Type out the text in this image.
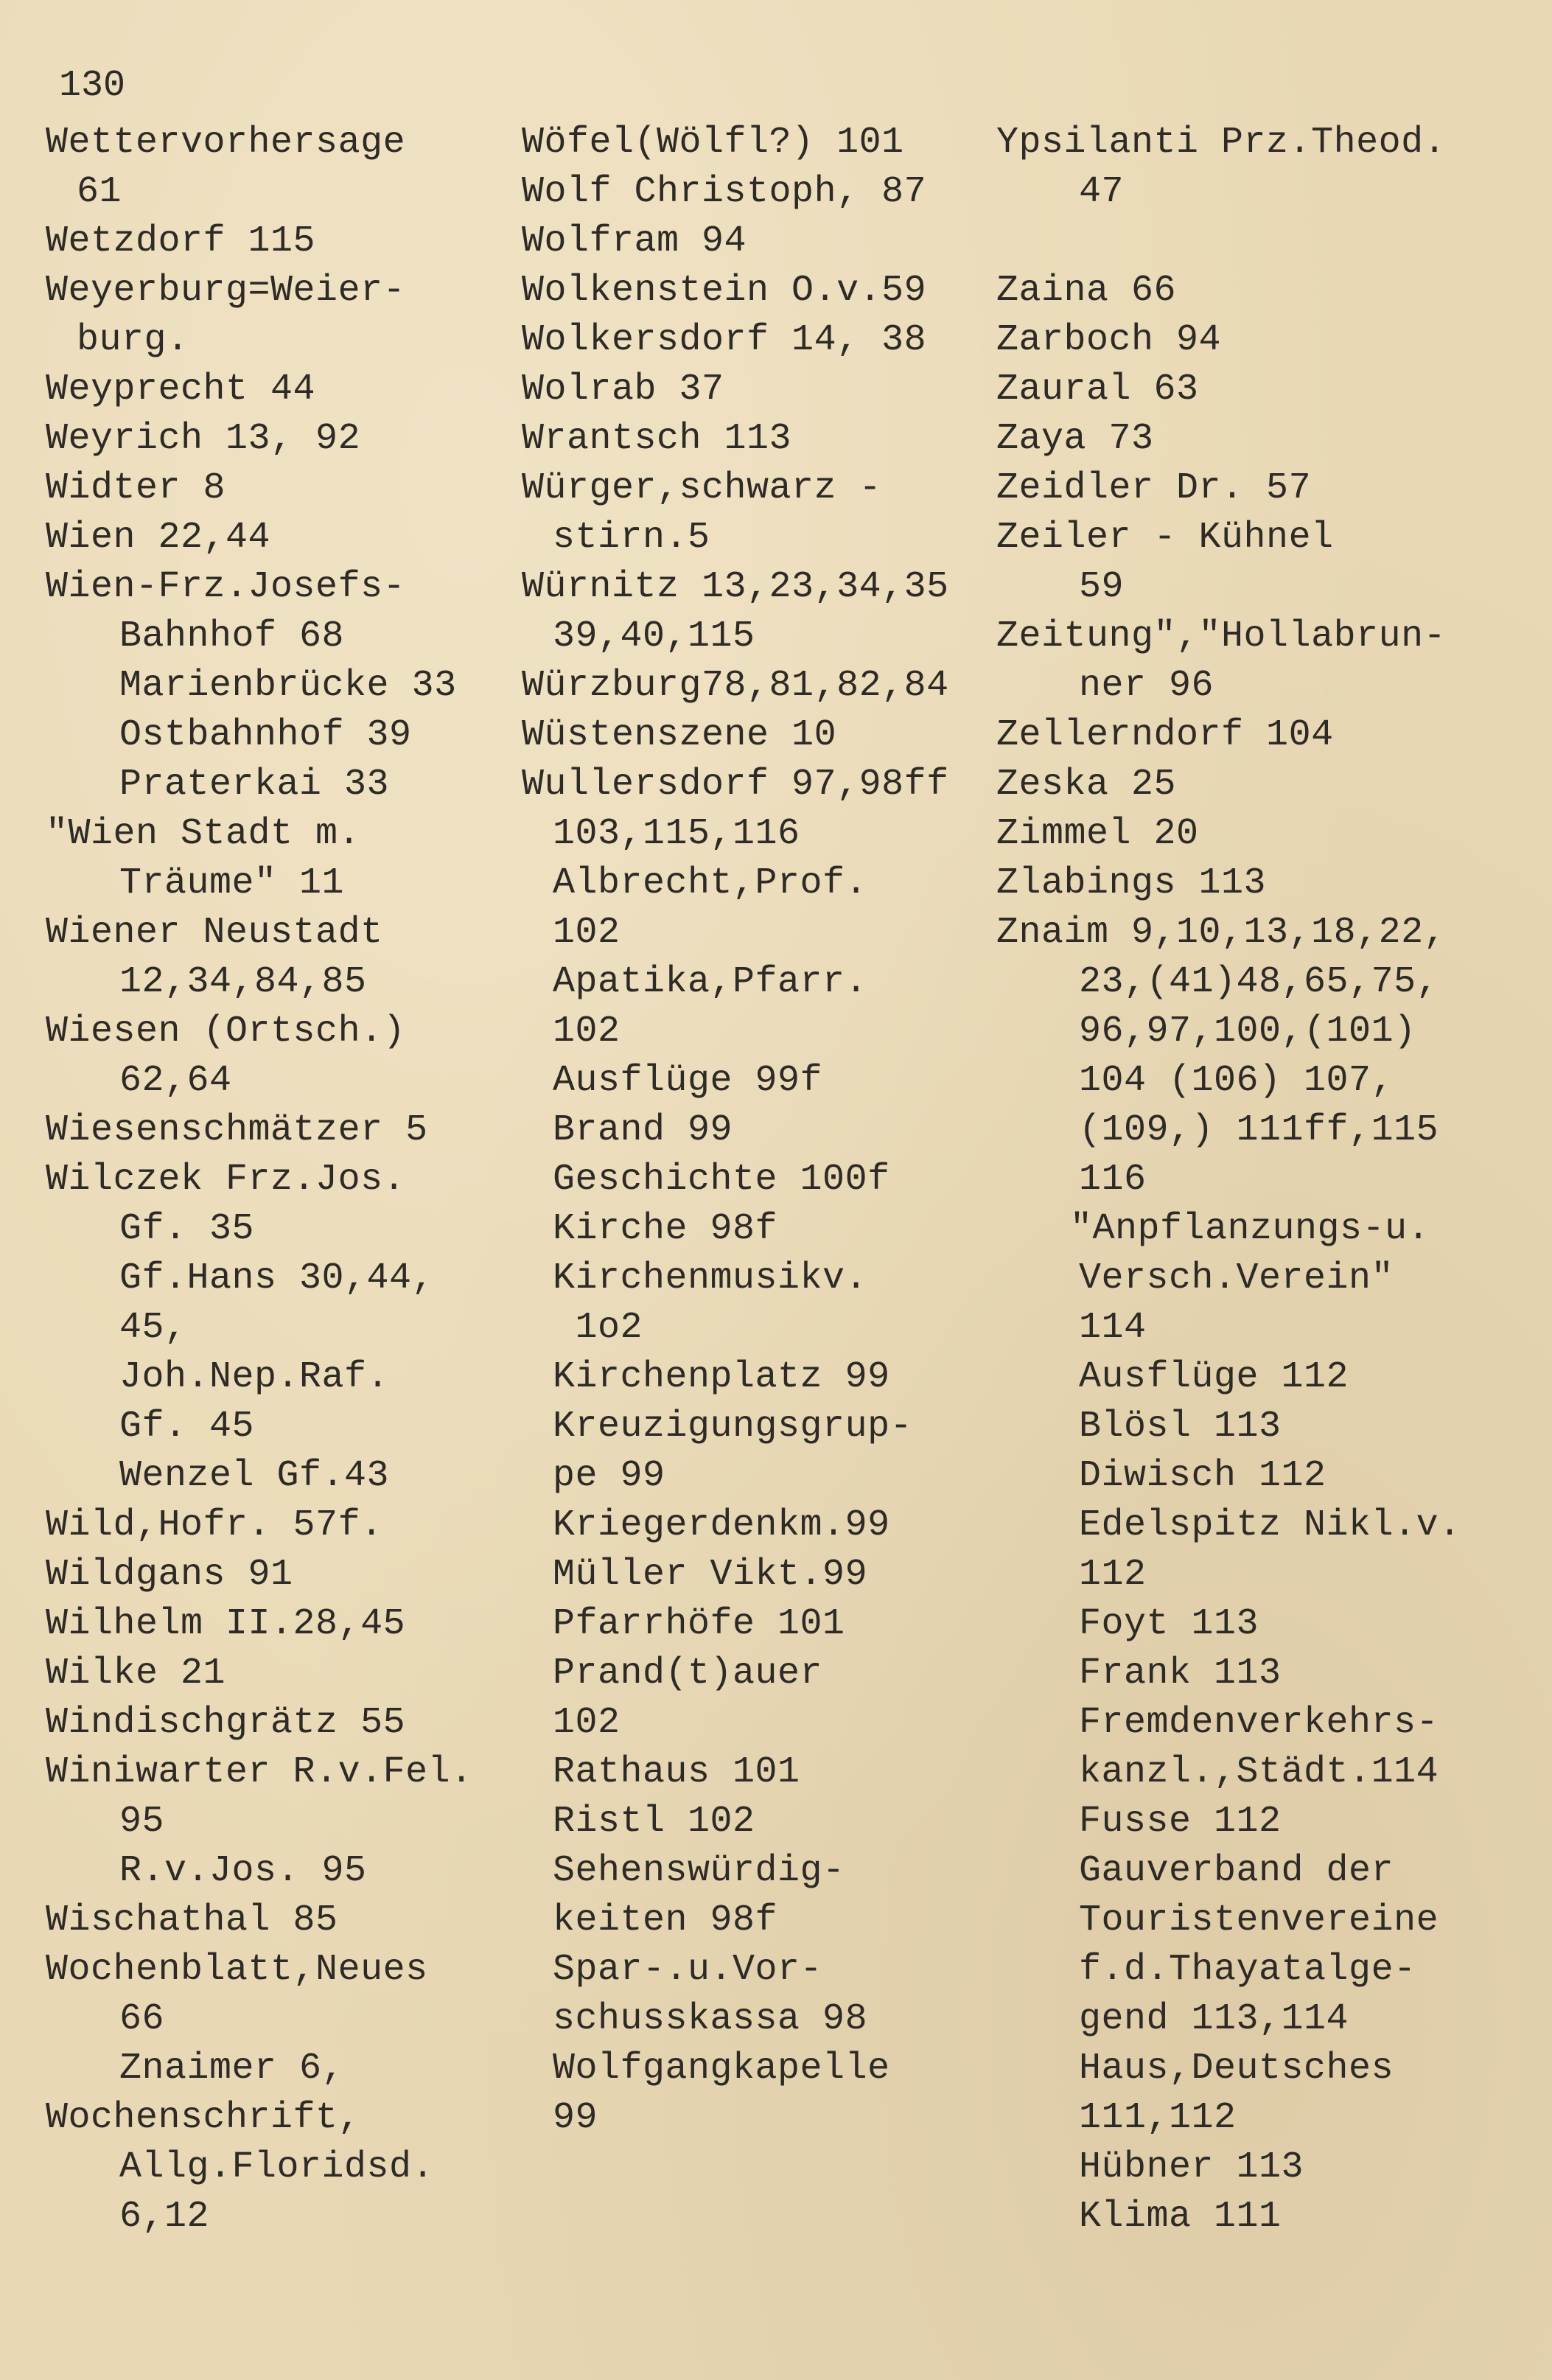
130
Wettervorhersage
61
Wetzdorf 115
Weyerburg=Weier-
burg.
Weyprecht 44
Weyrich 13, 92
Widter 8
Wien 22,44
Wien-Frz.Josefs-
Bahnhof 68
Marienbrücke 33
Ostbahnhof 39
Praterkai 33
"Wien Stadt m.
Träume" 11
Wiener Neustadt
12,34,84,85
Wiesen (Ortsch.)
62,64
Wiesenschmätzer 5
Wilczek Frz.Jos.
Gf. 35
Gf.Hans 30,44,
45,
Joh.Nep.Raf.
Gf. 45
Wenzel Gf.43
Wild,Hofr. 57f.
Wildgans 91
Wilhelm II.28,45
Wilke 21
Windischgrätz 55
Winiwarter R.v.Fel.
95
R.v.Jos. 95
Wischathal 85
Wochenblatt,Neues
66
Znaimer 6,
Wochenschrift,
Allg.Floridsd.
6,12
Wöfel(Wölfl?) 101
Wolf Christoph, 87
Wolfram 94
Wolkenstein O.v.59
Wolkersdorf 14, 38
Wolrab 37
Wrantsch 113
Würger,schwarz -
stirn.5
Würnitz 13,23,34,35
39,40,115
Würzburg78,81,82,84
Wüstenszene 10
Wullersdorf 97,98ff
103,115,116
Albrecht,Prof.
102
Apatika,Pfarr.
102
Ausflüge 99f
Brand 99
Geschichte 100f
Kirche 98f
Kirchenmusikv.
1o2
Kirchenplatz 99
Kreuzigungsgrup-
pe 99
Kriegerdenkm.99
Müller Vikt.99
Pfarrhöfe 101
Prand(t)auer
102
Rathaus 101
Ristl 102
Sehenswürdig-
keiten 98f
Spar-.u.Vor-
schusskassa 98
Wolfgangkapelle
99
Ypsilanti Prz.Theod.
47
Zaina 66
Zarboch 94
Zaural 63
Zaya 73
Zeidler Dr. 57
Zeiler - Kühnel
59
Zeitung","Hollabrun-
ner 96
Zellerndorf 104
Zeska 25
Zimmel 20
Zlabings 113
Znaim 9,10,13,18,22,
23,(41)48,65,75,
96,97,100,(101)
104 (106) 107,
(109,) 111ff,115
116
"Anpflanzungs-u.
Versch.Verein"
114
Ausflüge 112
Blösl 113
Diwisch 112
Edelspitz Nikl.v.
112
Foyt 113
Frank 113
Fremdenverkehrs-
kanzl.,Städt.114
Fusse 112
Gauverband der
Touristenvereine
f.d.Thayatalge-
gend 113,114
Haus,Deutsches
111,112
Hübner 113
Klima 111
